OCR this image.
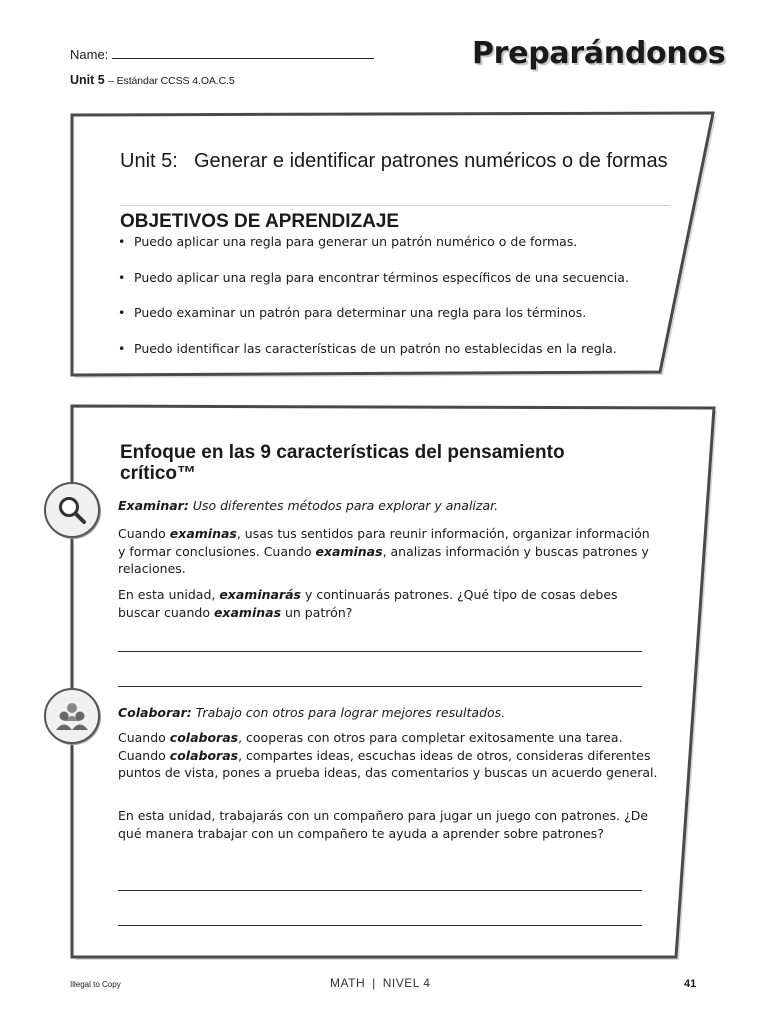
Name:
Unit 5 – Estándar CCSS 4.OA.C.5
Preparándonos
Unit 5: Generar e identificar patrones numéricos o de formas
OBJETIVOS DE APRENDIZAJE
• Puedo aplicar una regla para generar un patrón numérico o de formas.
• Puedo aplicar una regla para encontrar términos específicos de una secuencia.
• Puedo examinar un patrón para determinar una regla para los términos.
• Puedo identificar las características de un patrón no establecidas en la regla.
Enfoque en las 9 características del pensamiento crítico™
Examinar: Uso diferentes métodos para explorar y analizar.
Cuando examinas, usas tus sentidos para reunir información, organizar información y formar conclusiones. Cuando examinas, analizas información y buscas patrones y relaciones.
En esta unidad, examinarás y continuarás patrones. ¿Qué tipo de cosas debes buscar cuando examinas un patrón?
Colaborar: Trabajo con otros para lograr mejores resultados.
Cuando colaboras, cooperas con otros para completar exitosamente una tarea. Cuando colaboras, compartes ideas, escuchas ideas de otros, consideras diferentes puntos de vista, pones a prueba ideas, das comentarios y buscas un acuerdo general.
En esta unidad, trabajarás con un compañero para jugar un juego con patrones. ¿De qué manera trabajar con un compañero te ayuda a aprender sobre patrones?
Illegal to Copy	MATH | NIVEL 4	41
